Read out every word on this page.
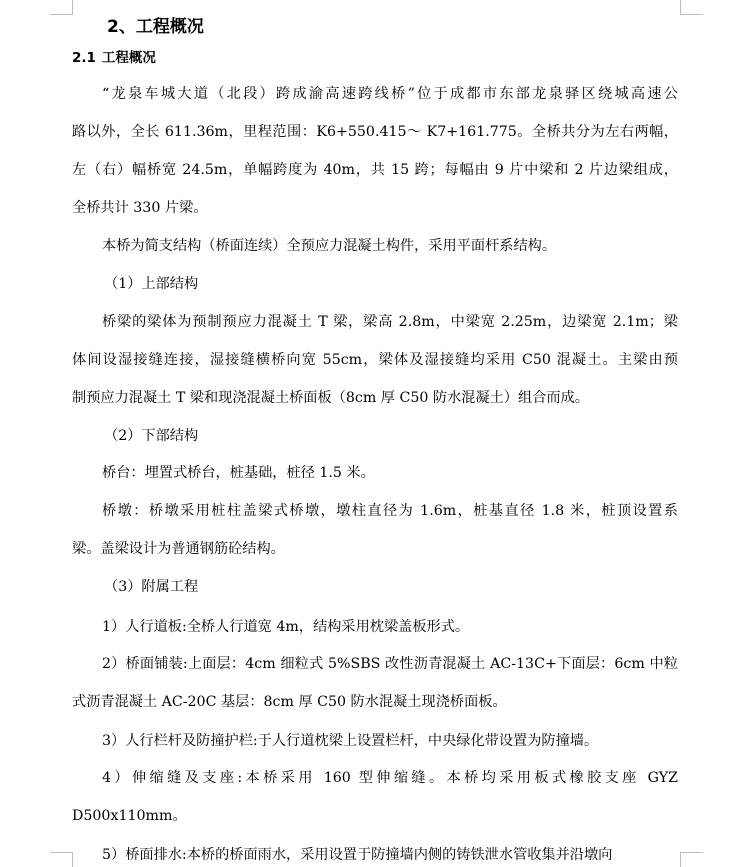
2、工程概况
2.1 工程概况
“龙泉车城大道（北段）跨成渝高速跨线桥”位于成都市东部龙泉驿区绕城高速公
路以外，全长 611.36m，里程范围：K6+550.415～ K7+161.775。全桥共分为左右两幅，
左（右）幅桥宽 24.5m，单幅跨度为 40m，共 15 跨；每幅由 9 片中梁和 2 片边梁组成，
全桥共计 330 片梁。
本桥为简支结构（桥面连续）全预应力混凝土构件，采用平面杆系结构。
（1）上部结构
桥梁的梁体为预制预应力混凝土 T 梁，梁高 2.8m，中梁宽 2.25m，边梁宽 2.1m；梁
体间设湿接缝连接，湿接缝横桥向宽 55cm，梁体及湿接缝均采用 C50 混凝土。主梁由预
制预应力混凝土 T 梁和现浇混凝土桥面板（8cm 厚 C50 防水混凝土）组合而成。
（2）下部结构
桥台：埋置式桥台，桩基础，桩径 1.5 米。
桥墩：桥墩采用桩柱盖梁式桥墩，墩柱直径为 1.6m，桩基直径 1.8 米，桩顶设置系
梁。盖梁设计为普通钢筋砼结构。
（3）附属工程
1）人行道板:全桥人行道宽 4m，结构采用枕梁盖板形式。
2）桥面铺装:上面层：4cm 细粒式 5%SBS 改性沥青混凝土 AC-13C+下面层：6cm 中粒
式沥青混凝土 AC-20C 基层：8cm 厚 C50 防水混凝土现浇桥面板。
3）人行栏杆及防撞护栏:于人行道枕梁上设置栏杆，中央绿化带设置为防撞墙。
4）伸缩缝及支座:本桥采用 160 型伸缩缝。本桥均采用板式橡胶支座 GYZ
D500x110mm。
5）桥面排水:本桥的桥面雨水，采用设置于防撞墙内侧的铸铁泄水管收集并沿墩向
